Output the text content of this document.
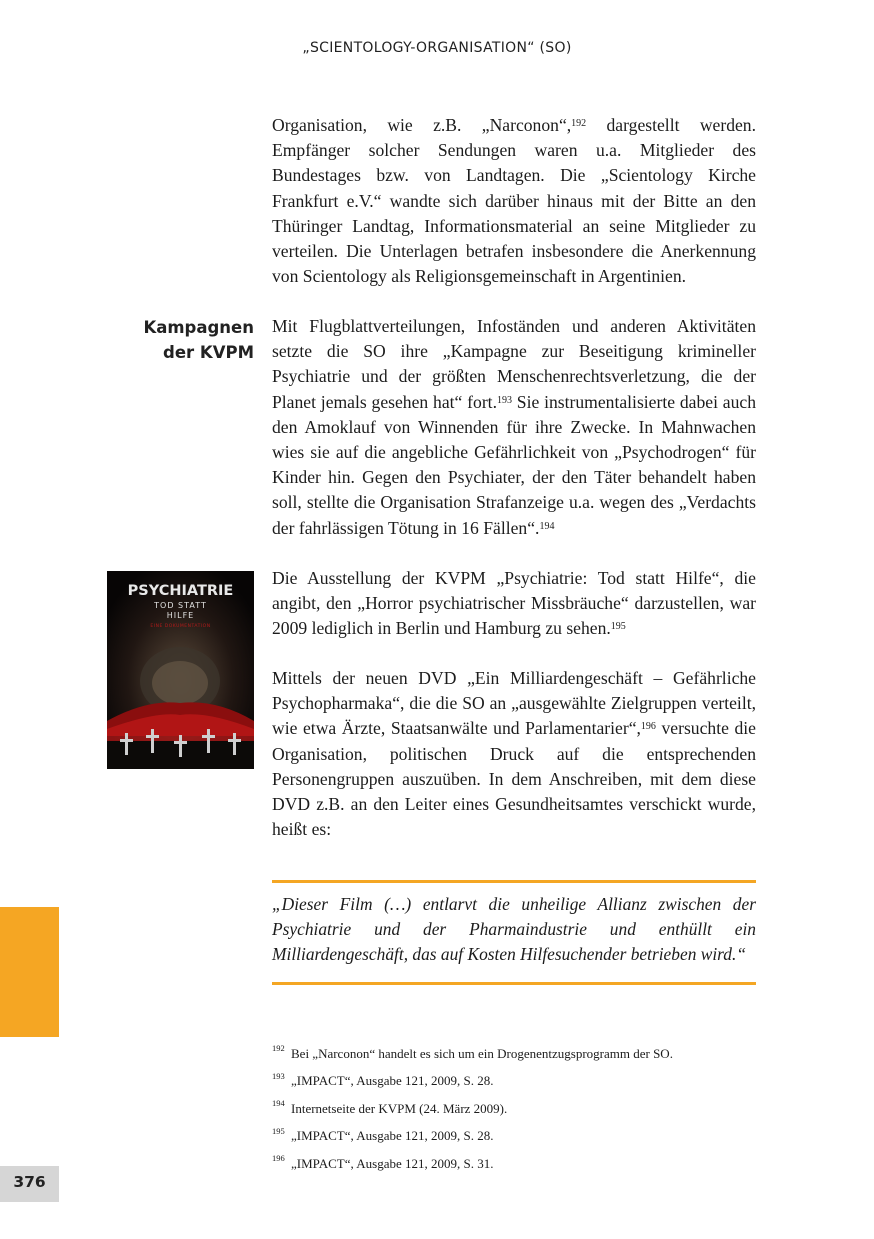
„SCIENTOLOGY-ORGANISATION“ (SO)

Organisation, wie z.B. „Narconon“,$^{192}$ dargestellt werden. Empfänger solcher Sendungen waren u.a. Mitglieder des Bundestages bzw. von Landtagen. Die „Scientology Kirche Frankfurt e.V.“ wandte sich darüber hinaus mit der Bitte an den Thüringer Landtag, Informationsmaterial an seine Mitglieder zu verteilen. Die Unterlagen betrafen insbesondere die Anerkennung von Scientology als Religionsgemeinschaft in Argentinien.

Kampagnen
der KVPM

Mit Flugblattverteilungen, Infoständen und anderen Aktivitäten setzte die SO ihre „Kampagne zur Beseitigung krimineller Psychiatrie und der größten Menschenrechtsverletzung, die der Planet jemals gesehen hat“ fort.$^{193}$ Sie instrumentalisierte dabei auch den Amoklauf von Winnenden für ihre Zwecke. In Mahnwachen wies sie auf die angebliche Gefährlichkeit von „Psychodrogen“ für Kinder hin. Gegen den Psychiater, der den Täter behandelt haben soll, stellte die Organisation Strafanzeige u.a. wegen des „Verdachts der fahrlässigen Tötung in 16 Fällen“.$^{194}$

PSYCHIATRIE
TOD STATT
HILFE
EINE DOKUMENTATION

Die Ausstellung der KVPM „Psychiatrie: Tod statt Hilfe“, die angibt, den „Horror psychiatrischer Missbräuche“ darzustellen, war 2009 lediglich in Berlin und Hamburg zu sehen.$^{195}$

Mittels der neuen DVD „Ein Milliardengeschäft – Gefährliche Psychopharmaka“, die die SO an „ausgewählte Zielgruppen verteilt, wie etwa Ärzte, Staatsanwälte und Parlamentarier“,$^{196}$ versuchte die Organisation, politischen Druck auf die entsprechenden Personengruppen auszuüben. In dem Anschreiben, mit dem diese DVD z.B. an den Leiter eines Gesundheitsamtes verschickt wurde, heißt es:

„Dieser Film (…) entlarvt die unheilige Allianz zwischen der Psychiatrie und der Pharmaindustrie und enthüllt ein Milliardengeschäft, das auf Kosten Hilfesuchender betrieben wird.“
192 Bei „Narconon“ handelt es sich um ein Drogenentzugsprogramm der SO.
193 „IMPACT“, Ausgabe 121, 2009, S. 28.
194 Internetseite der KVPM (24. März 2009).
195 „IMPACT“, Ausgabe 121, 2009, S. 28.
196 „IMPACT“, Ausgabe 121, 2009, S. 31.
376
